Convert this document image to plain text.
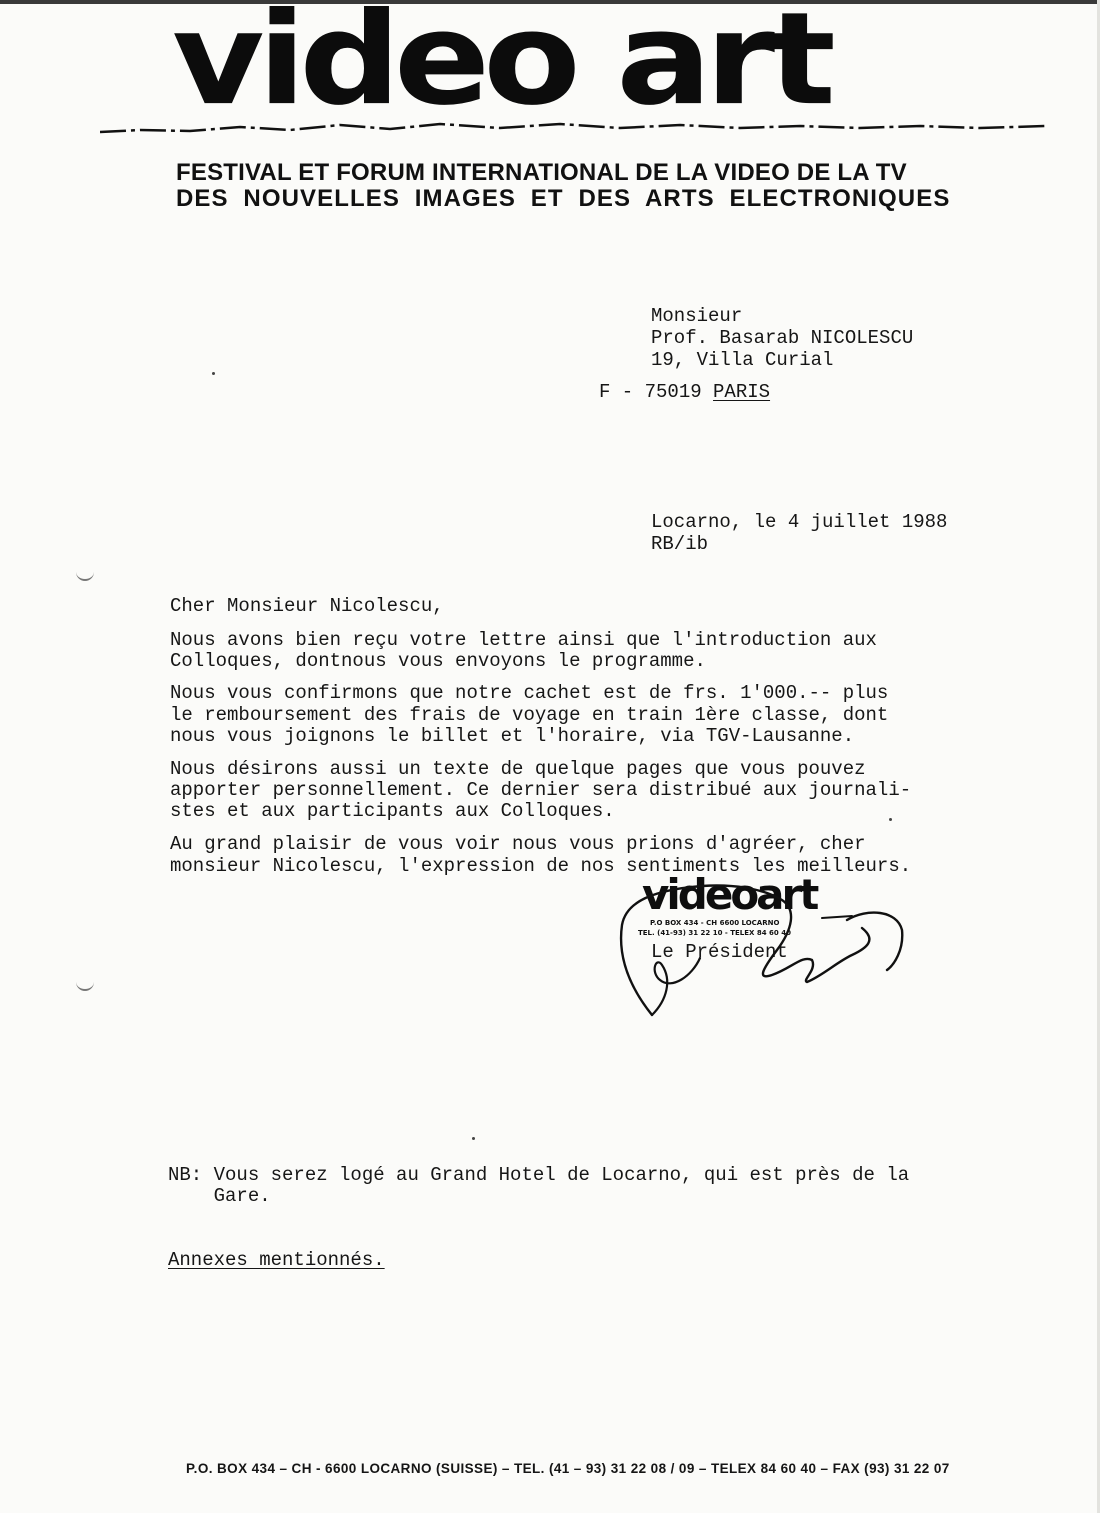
video art
FESTIVAL ET FORUM INTERNATIONAL DE LA VIDEO DE LA TV
DES NOUVELLES IMAGES ET DES ARTS ELECTRONIQUES
Monsieur
Prof. Basarab NICOLESCU
19, Villa Curial
F - 75019 PARIS
Locarno, le 4 juillet 1988
RB/ib
Cher Monsieur Nicolescu,
Nous avons bien reçu votre lettre ainsi que l'introduction aux
Colloques, dontnous vous envoyons le programme.
Nous vous confirmons que notre cachet est de frs. 1'000.-- plus
le remboursement des frais de voyage en train 1ère classe, dont
nous vous joignons le billet et l'horaire, via TGV-Lausanne.
Nous désirons aussi un texte de quelque pages que vous pouvez
apporter personnellement. Ce dernier sera distribué aux journali-
stes et aux participants aux Colloques.
Au grand plaisir de vous voir nous vous prions d'agréer, cher
monsieur Nicolescu, l'expression de nos sentiments les meilleurs.
videoart
P.O BOX 434 - CH 6600 LOCARNO
TEL. (41-93) 31 22 10 - TELEX 84 60 40
Le Président
NB: Vous serez logé au Grand Hotel de Locarno, qui est près de la
Gare.
Annexes mentionnés.
P.O. BOX 434 – CH - 6600 LOCARNO (SUISSE) – TEL. (41 – 93) 31 22 08 / 09 – TELEX 84 60 40 – FAX (93) 31 22 07
